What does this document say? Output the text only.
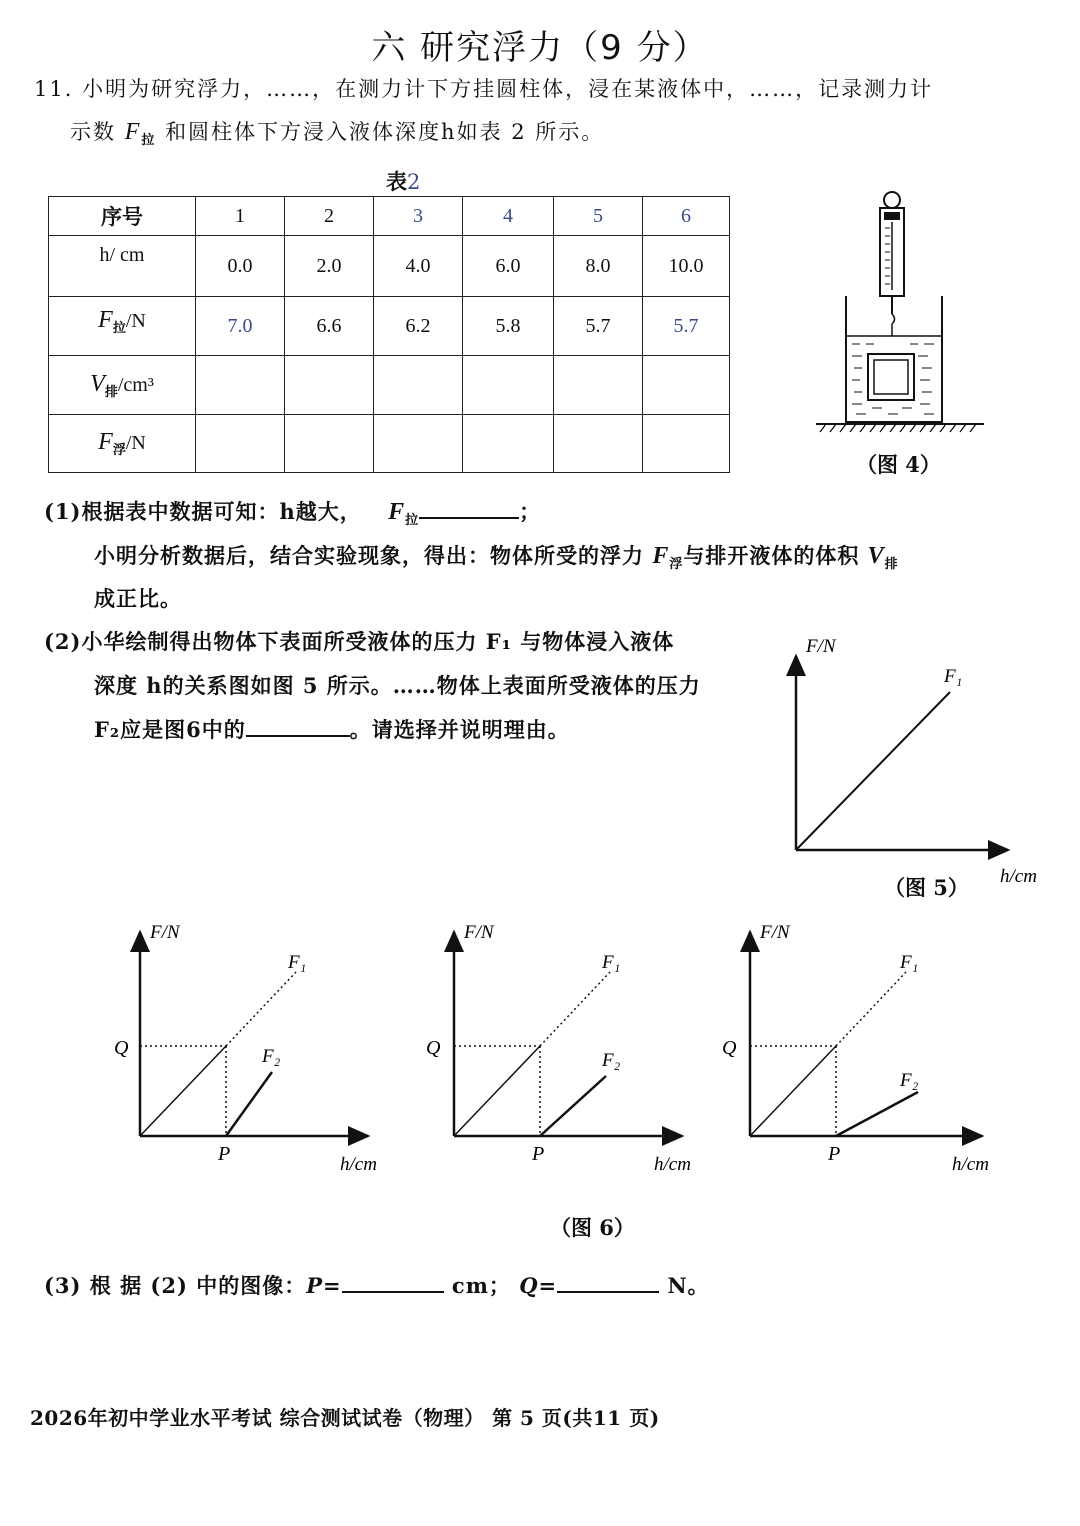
六 研究浮力（9 分）
11. 小明为研究浮力，……，在测力计下方挂圆柱体，浸在某液体中，……，记录测力计
示数 $F_拉$ 和圆柱体下方浸入液体深度h如表 2 所示。
表2
序号	1	2	3	4	5	6
h/ cm	0.0	2.0	4.0	6.0	8.0	10.0
$F_拉/N$	7.0	6.6	6.2	5.8	5.7	5.7
$V_排$/cm³						
$F_浮/N$						
（图 4）
(1)根据表中数据可知：h越大， $F_拉$	；
小明分析数据后，结合实验现象，得出：物体所受的浮力 $F_浮$与排开液体的体积 $V_排$
成正比。
(2)小华绘制得出物体下表面所受液体的压力 F₁ 与物体浸入液体
深度 h的关系图如图 5 所示。……物体上表面所受液体的压力
F₂应是图6中的	。请选择并说明理由。
F/N
F₁
h/cm
（图 5）
F/N
F₁
F₂
Q
P	h/cm
F/N
F₁
F₂
Q
P	h/cm
F/N
F₁
F₂
Q
P	h/cm
（图 6）
(3) 根 据 (2) 中的图像：P=	cm； Q=	N。
2026年初中学业水平考试 综合测试试卷（物理） 第 5 页(共11 页)
